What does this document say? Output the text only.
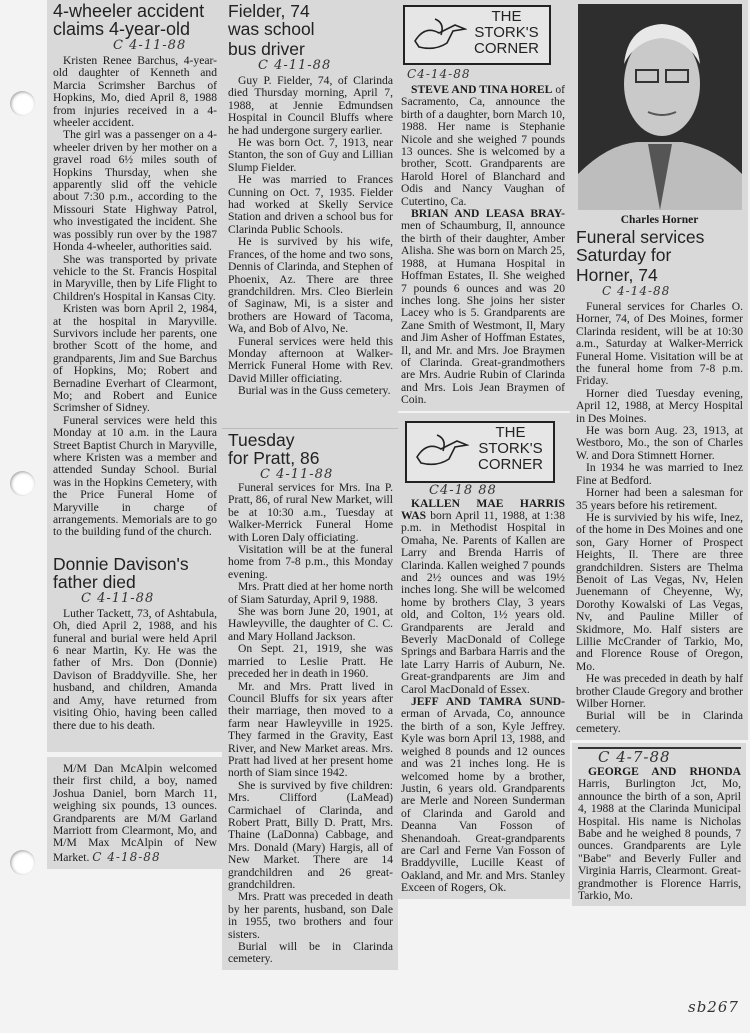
4-wheeler accident
claims 4-year-old
C 4-11-88

Kristen Renee Barchus, 4-year-old daughter of Kenneth and Marcia Scrimsher Barchus of Hopkins, Mo, died April 8, 1988 from injuries received in a 4-wheeler accident.

The girl was a passenger on a 4-wheeler driven by her mother on a gravel road 6½ miles south of Hopkins Thursday, when she apparently slid off the vehicle about 7:30 p.m., according to the Missouri State Highway Patrol, who investigated the incident. She was possibly run over by the 1987 Honda 4-wheeler, authorities said.

She was transported by private vehicle to the St. Francis Hospital in Maryville, then by Life Flight to Children's Hospital in Kansas City.

Kristen was born April 2, 1984, at the hospital in Maryville. Survivors include her parents, one brother Scott of the home, and grandparents, Jim and Sue Barchus of Hopkins, Mo; Robert and Bernadine Everhart of Clearmont, Mo; and Robert and Eunice Scrimsher of Sidney.

Funeral services were held this Monday at 10 a.m. in the Laura Street Baptist Church in Maryville, where Kristen was a member and attended Sunday School. Burial was in the Hopkins Cemetery, with the Price Funeral Home of Maryville in charge of arrangements. Memorials are to go to the building fund of the church.

Donnie Davison's
father died
C 4-11-88

Luther Tackett, 73, of Ashtabula, Oh, died April 2, 1988, and his funeral and burial were held April 6 near Martin, Ky. He was the father of Mrs. Don (Donnie) Davison of Braddyville. She, her husband, and children, Amanda and Amy, have returned from visiting Ohio, having been called there due to his death.

M/M Dan McAlpin welcomed their first child, a boy, named Joshua Daniel, born March 11, weighing six pounds, 13 ounces. Grandparents are M/M Garland Marriott from Clearmont, Mo, and M/M Max McAlpin of New Market. C 4-18-88

Fielder, 74
was school
bus driver
C 4-11-88

Guy P. Fielder, 74, of Clarinda died Thursday morning, April 7, 1988, at Jennie Edmundsen Hospital in Council Bluffs where he had undergone surgery earlier.

He was born Oct. 7, 1913, near Stanton, the son of Guy and Lillian Slump Fielder.

He was married to Frances Cunning on Oct. 7, 1935. Fielder had worked at Skelly Service Station and driven a school bus for Clarinda Public Schools.

He is survived by his wife, Frances, of the home and two sons, Dennis of Clarinda, and Stephen of Phoenix, Az. There are three grandchildren. Mrs. Cleo Bierlein of Saginaw, Mi, is a sister and brothers are Howard of Tacoma, Wa, and Bob of Alvo, Ne.

Funeral services were held this Monday afternoon at Walker-Merrick Funeral Home with Rev. David Miller officiating.

Burial was in the Guss cemetery.

Tuesday
for Pratt, 86
C 4-11-88

Funeral services for Mrs. Ina P. Pratt, 86, of rural New Market, will be at 10:30 a.m., Tuesday at Walker-Merrick Funeral Home with Loren Daly officiating.

Visitation will be at the funeral home from 7-8 p.m., this Monday evening.

Mrs. Pratt died at her home north of Siam Saturday, April 9, 1988.

She was born June 20, 1901, at Hawleyville, the daughter of C. C. and Mary Holland Jackson.

On Sept. 21, 1919, she was married to Leslie Pratt. He preceded her in death in 1960.

Mr. and Mrs. Pratt lived in Council Bluffs for six years after their marriage, then moved to a farm near Hawleyville in 1925. They farmed in the Gravity, East River, and New Market areas. Mrs. Pratt had lived at her present home north of Siam since 1942.

She is survived by five children: Mrs. Clifford (LaMead) Carmichael of Clarinda, and Robert Pratt, Billy D. Pratt, Mrs. Thaine (LaDonna) Cabbage, and Mrs. Donald (Mary) Hargis, all of New Market. There are 14 grandchildren and 26 great-grandchildren.

Mrs. Pratt was preceded in death by her parents, husband, son Dale in 1955, two brothers and four sisters.

Burial will be in Clarinda cemetery.

THE
STORK'S
CORNER
C4-14-88

STEVE AND TINA HOREL of Sacramento, Ca, announce the birth of a daughter, born March 10, 1988. Her name is Stephanie Nicole and she weighed 7 pounds 13 ounces. She is welcomed by a brother, Scott. Grandparents are Harold Horel of Blanchard and Odis and Nancy Vaughan of Cutertino, Ca.

BRIAN AND LEASA BRAY-men of Schaumburg, Il, announce the birth of their daughter, Amber Alisha. She was born on March 25, 1988, at Humana Hospital in Hoffman Estates, Il. She weighed 7 pounds 6 ounces and was 20 inches long. She joins her sister Lacey who is 5. Grandparents are Zane Smith of Westmont, Il, Mary and Jim Asher of Hoffman Estates, Il, and Mr. and Mrs. Joe Braymen of Clarinda. Great-grandmothers are Mrs. Audrie Rubin of Clarinda and Mrs. Lois Jean Braymen of Coin.

THE
STORK'S
CORNER
C4-18 88

KALLEN MAE HARRIS WAS born April 11, 1988, at 1:38 p.m. in Methodist Hospital in Omaha, Ne. Parents of Kallen are Larry and Brenda Harris of Clarinda. Kallen weighed 7 pounds and 2½ ounces and was 19½ inches long. She will be welcomed home by brothers Clay, 3 years old, and Colton, 1½ years old. Grandparents are Jerald and Beverly MacDonald of College Springs and Barbara Harris and the late Larry Harris of Auburn, Ne. Great-grandparents are Jim and Carol MacDonald of Essex.

JEFF AND TAMRA SUND-erman of Arvada, Co, announce the birth of a son, Kyle Jeffrey. Kyle was born April 13, 1988, and weighed 8 pounds and 12 ounces and was 21 inches long. He is welcomed home by a brother, Justin, 6 years old. Grandparents are Merle and Noreen Sunderman of Clarinda and Garold and Deanna Van Fosson of Shenandoah. Great-grandparents are Carl and Ferne Van Fosson of Braddyville, Lucille Keast of Oakland, and Mr. and Mrs. Stanley Exceen of Rogers, Ok.

Charles Horner
Funeral services
Saturday for
Horner, 74
C 4-14-88

Funeral services for Charles O. Horner, 74, of Des Moines, former Clarinda resident, will be at 10:30 a.m., Saturday at Walker-Merrick Funeral Home. Visitation will be at the funeral home from 7-8 p.m. Friday.

Horner died Tuesday evening, April 12, 1988, at Mercy Hospital in Des Moines.

He was born Aug. 23, 1913, at Westboro, Mo., the son of Charles W. and Dora Stimnett Horner.

In 1934 he was married to Inez Fine at Bedford.

Horner had been a salesman for 35 years before his retirement.

He is survivied by his wife, Inez, of the home in Des Moines and one son, Gary Horner of Prospect Heights, Il. There are three grandchildren. Sisters are Thelma Benoit of Las Vegas, Nv, Helen Juenemann of Cheyenne, Wy, Dorothy Kowalski of Las Vegas, Nv, and Pauline Miller of Skidmore, Mo. Half sisters are Lillie McCrander of Tarkio, Mo, and Florence Rouse of Oregon, Mo.

He was preceded in death by half brother Claude Gregory and brother Wilber Horner.

Burial will be in Clarinda cemetery.

C 4-7-88

GEORGE AND RHONDA Harris, Burlington Jct, Mo, announce the birth of a son, April 4, 1988 at the Clarinda Municipal Hospital. His name is Nicholas Babe and he weighed 8 pounds, 7 ounces. Grandparents are Lyle "Babe" and Beverly Fuller and Virginia Harris, Clearmont. Great-grandmother is Florence Harris, Tarkio, Mo.

sb267
